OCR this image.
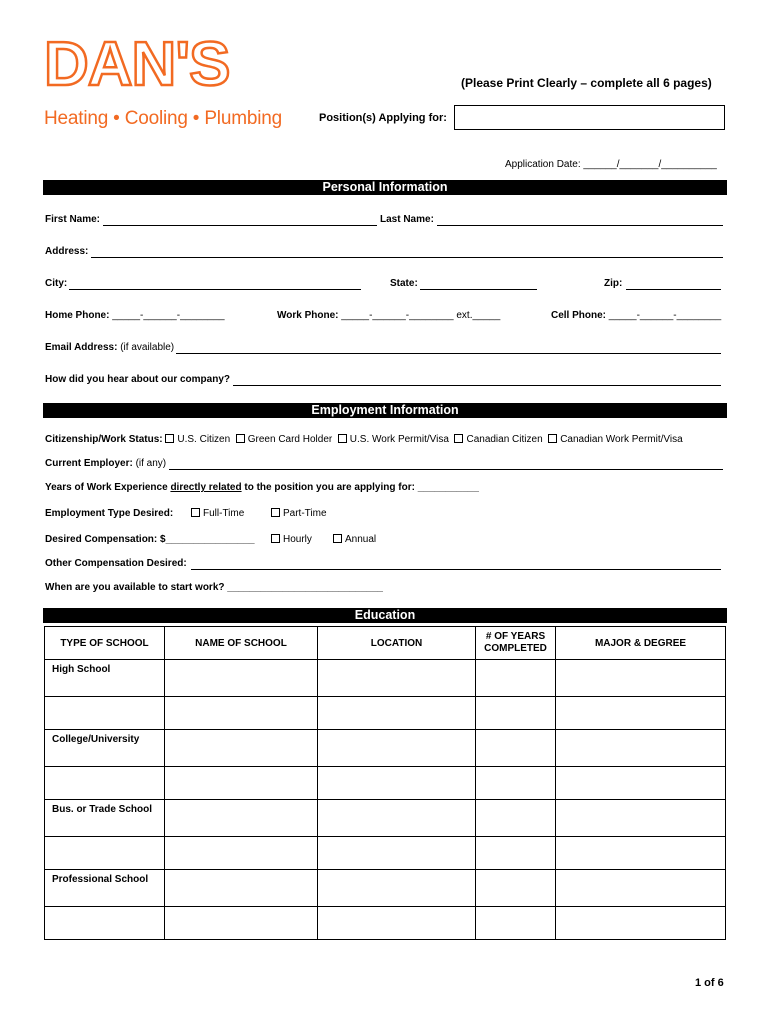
DAN'S
Heating • Cooling • Plumbing
(Please Print Clearly – complete all 6 pages)
Position(s) Applying for:
Application Date: ______/_______/__________
Personal Information
First Name:	Last Name:
Address:
City:	State:	Zip:
Home Phone: _____-______-________	Work Phone: _____-______-________ ext._____	Cell Phone: _____-______-________
Email Address: (if available)
How did you hear about our company?
Employment Information
Citizenship/Work Status: U.S. Citizen Green Card Holder U.S. Work Permit/Visa Canadian Citizen Canadian Work Permit/Visa
Current Employer: (if any)
Years of Work Experience directly related to the position you are applying for: ___________
Employment Type Desired:	Full-Time	Part-Time
Desired Compensation: $________________	Hourly	Annual
Other Compensation Desired:
When are you available to start work? ____________________________
Education
TYPE OF SCHOOL	NAME OF SCHOOL	LOCATION	# OF YEARS COMPLETED	MAJOR & DEGREE
High School				

College/University				

Bus. or Trade School				

Professional School				

1 of 6
